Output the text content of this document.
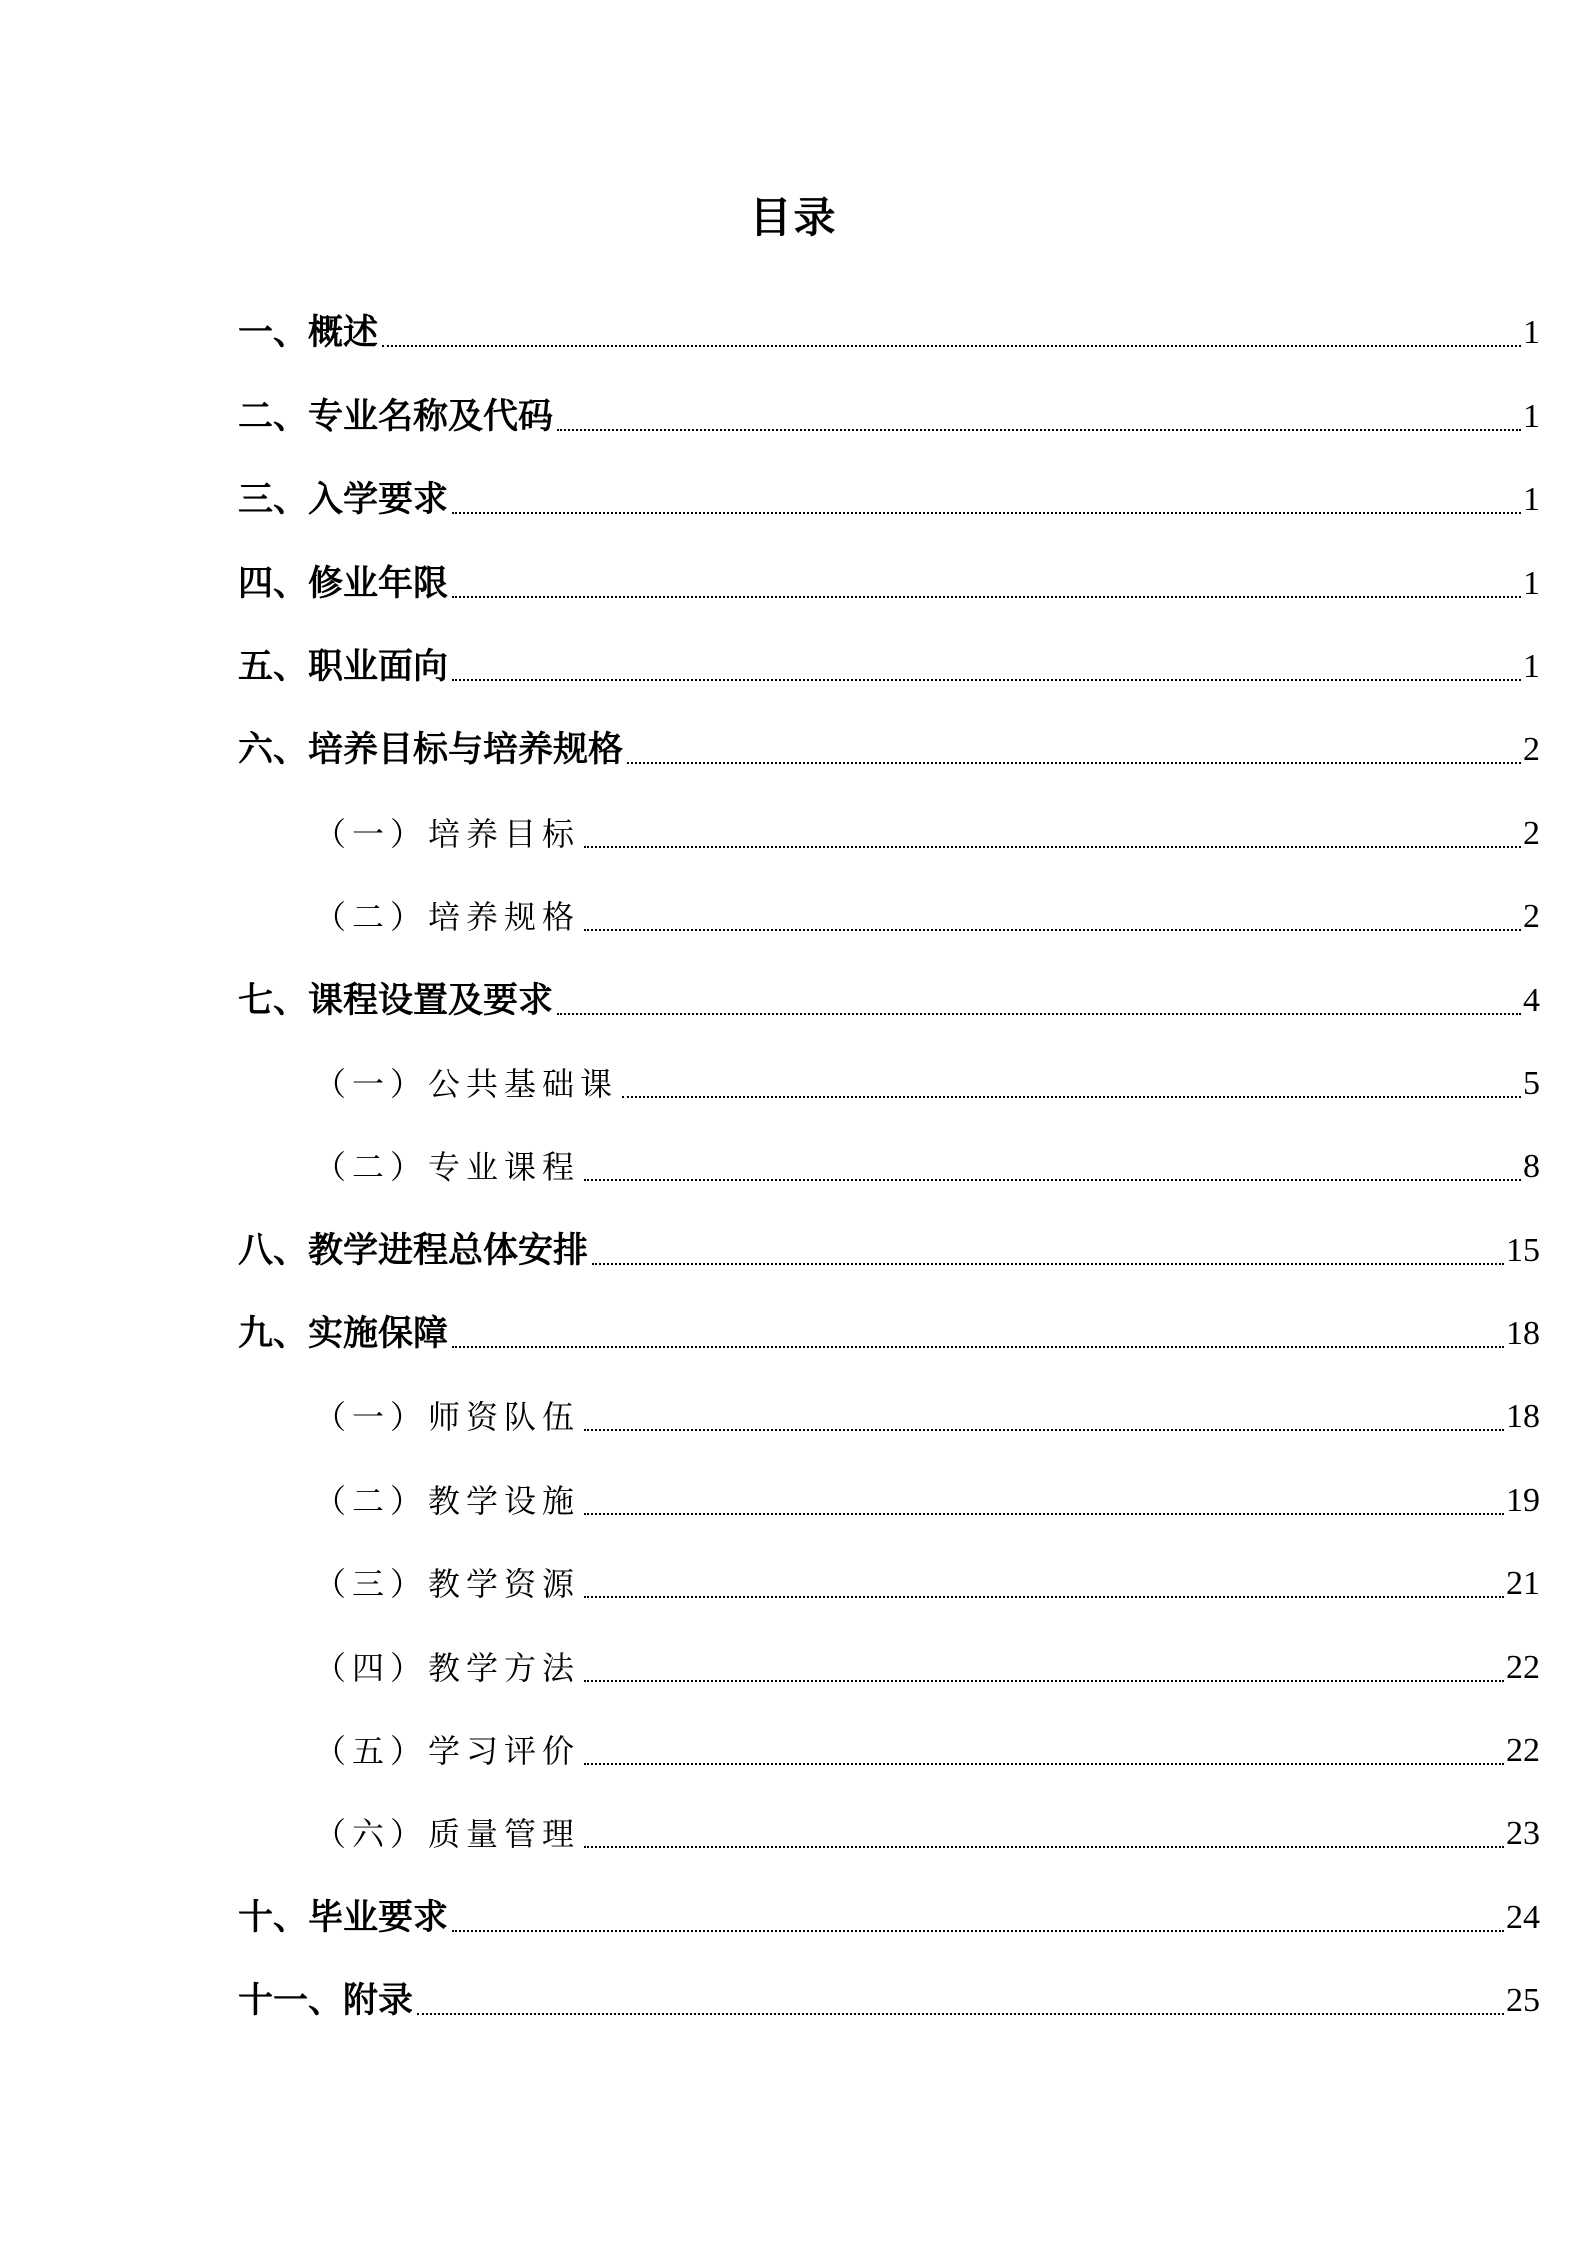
目录
一、概述	1
二、专业名称及代码	1
三、入学要求	1
四、修业年限	1
五、职业面向	1
六、培养目标与培养规格	2
（一）培养目标	2
（二）培养规格	2
七、课程设置及要求	4
（一）公共基础课	5
（二）专业课程	8
八、教学进程总体安排	15
九、实施保障	18
（一）师资队伍	18
（二）教学设施	19
（三）教学资源	21
（四）教学方法	22
（五）学习评价	22
（六）质量管理	23
十、毕业要求	24
十一、附录	25
